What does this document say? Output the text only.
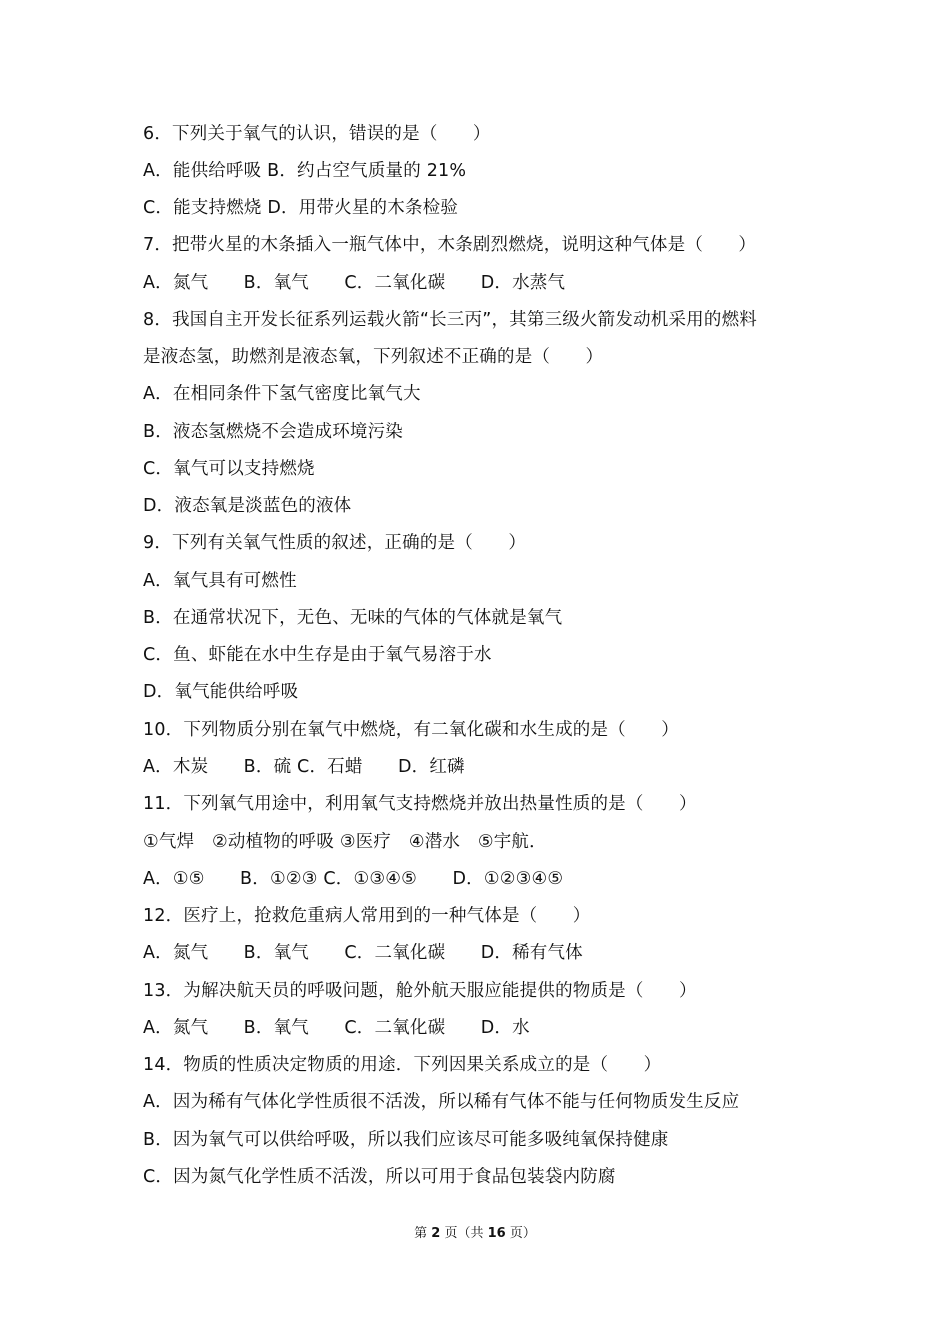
6．下列关于氧气的认识，错误的是（　　）
A．能供给呼吸 B．约占空气质量的 21%
C．能支持燃烧 D．用带火星的木条检验
7．把带火星的木条插入一瓶气体中，木条剧烈燃烧，说明这种气体是（　　）
A．氮气　　B．氧气　　C．二氧化碳　　D．水蒸气
8．我国自主开发长征系列运载火箭“长三丙”，其第三级火箭发动机采用的燃料
是液态氢，助燃剂是液态氧，下列叙述不正确的是（　　）
A．在相同条件下氢气密度比氧气大
B．液态氢燃烧不会造成环境污染
C．氧气可以支持燃烧
D．液态氧是淡蓝色的液体
9．下列有关氧气性质的叙述，正确的是（　　）
A．氧气具有可燃性
B．在通常状况下，无色、无味的气体的气体就是氧气
C．鱼、虾能在水中生存是由于氧气易溶于水
D．氧气能供给呼吸
10．下列物质分别在氧气中燃烧，有二氧化碳和水生成的是（　　）
A．木炭　　B．硫 C．石蜡　　D．红磷
11．下列氧气用途中，利用氧气支持燃烧并放出热量性质的是（　　）
①气焊　②动植物的呼吸 ③医疗　④潜水　⑤宇航．
A．①⑤　　B．①②③ C．①③④⑤　　D．①②③④⑤
12．医疗上，抢救危重病人常用到的一种气体是（　　）
A．氮气　　B．氧气　　C．二氧化碳　　D．稀有气体
13．为解决航天员的呼吸问题，舱外航天服应能提供的物质是（　　）
A．氮气　　B．氧气　　C．二氧化碳　　D．水
14．物质的性质决定物质的用途．下列因果关系成立的是（　　）
A．因为稀有气体化学性质很不活泼，所以稀有气体不能与任何物质发生反应
B．因为氧气可以供给呼吸，所以我们应该尽可能多吸纯氧保持健康
C．因为氮气化学性质不活泼，所以可用于食品包装袋内防腐
第 2 页（共 16 页）
